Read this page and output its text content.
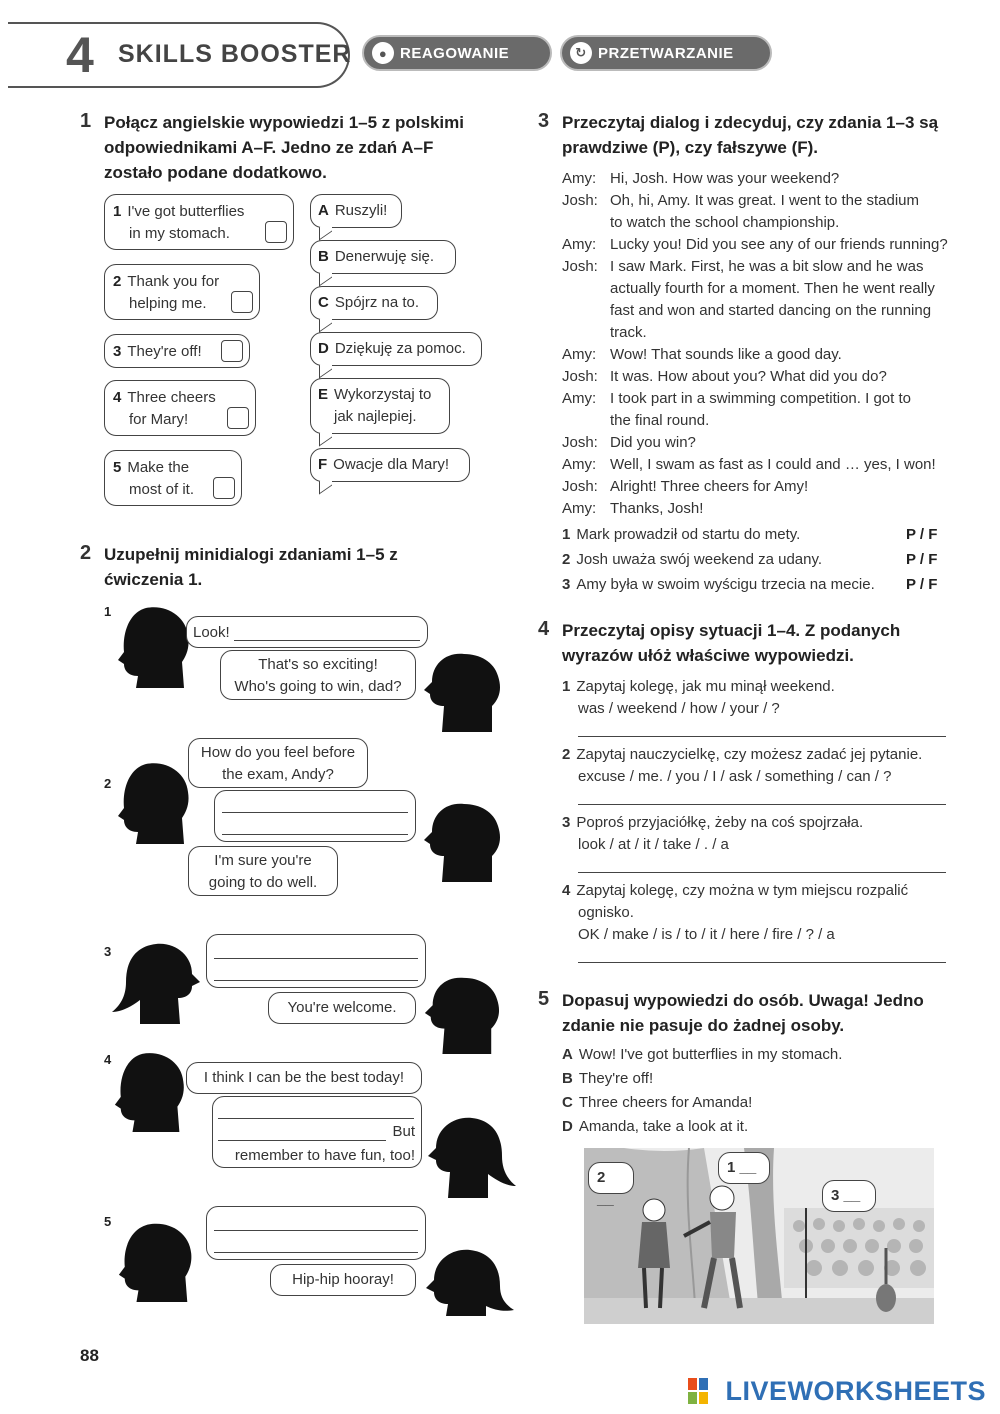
4 SKILLS BOOSTER	● REAGOWANIE	↻ PRZETWARZANIE
1 Połącz angielskie wypowiedzi 1–5 z polskimi odpowiednikami A–F. Jedno ze zdań A–F zostało podane dodatkowo.
1 I've got butterflies
in my stomach.
2 Thank you for
helping me.
3 They're off!
4 Three cheers
for Mary!
5 Make the
most of it.
A Ruszyli!
B Denerwuję się.
C Spójrz na to.
D Dziękuję za pomoc.
E Wykorzystaj to
jak najlepiej.
F Owacje dla Mary!
2 Uzupełnij minidialogi zdaniami 1–5 z ćwiczenia 1.
1
Look!
That's so exciting!
Who's going to win, dad?
2
How do you feel before
the exam, Andy?
I'm sure you're
going to do well.
3
You're welcome.
4
I think I can be the best today!
But
remember to have fun, too!
5
Hip-hip hooray!
3 Przeczytaj dialog i zdecyduj, czy zdania 1–3 są prawdziwe (P), czy fałszywe (F).
Amy: Hi, Josh. How was your weekend?
Josh: Oh, hi, Amy. It was great. I went to the stadium
to watch the school championship.
Amy: Lucky you! Did you see any of our friends running?
Josh: I saw Mark. First, he was a bit slow and he was
actually fourth for a moment. Then he went really
fast and won and started dancing on the running
track.
Amy: Wow! That sounds like a good day.
Josh: It was. How about you? What did you do?
Amy: I took part in a swimming competition. I got to
the final round.
Josh: Did you win?
Amy: Well, I swam as fast as I could and … yes, I won!
Josh: Alright! Three cheers for Amy!
Amy: Thanks, Josh!
1 Mark prowadził od startu do mety.	P / F
2 Josh uważa swój weekend za udany.	P / F
3 Amy była w swoim wyścigu trzecia na mecie.	P / F
4 Przeczytaj opisy sytuacji 1–4. Z podanych wyrazów ułóż właściwe wypowiedzi.
1 Zapytaj kolegę, jak mu minął weekend.
was / weekend / how / your / ?
2 Zapytaj nauczycielkę, czy możesz zadać jej pytanie.
excuse / me. / you / I / ask / something / can / ?
3 Poproś przyjaciółkę, żeby na coś spojrzała.
look / at / it / take / . / a
4 Zapytaj kolegę, czy można w tym miejscu rozpalić
ognisko.
OK / make / is / to / it / here / fire / ? / a
5 Dopasuj wypowiedzi do osób. Uwaga! Jedno zdanie nie pasuje do żadnej osoby.
A Wow! I've got butterflies in my stomach.
B They're off!
C Three cheers for Amanda!
D Amanda, take a look at it.
2 __
1 __
3 __
88
LIVEWORKSHEETS
